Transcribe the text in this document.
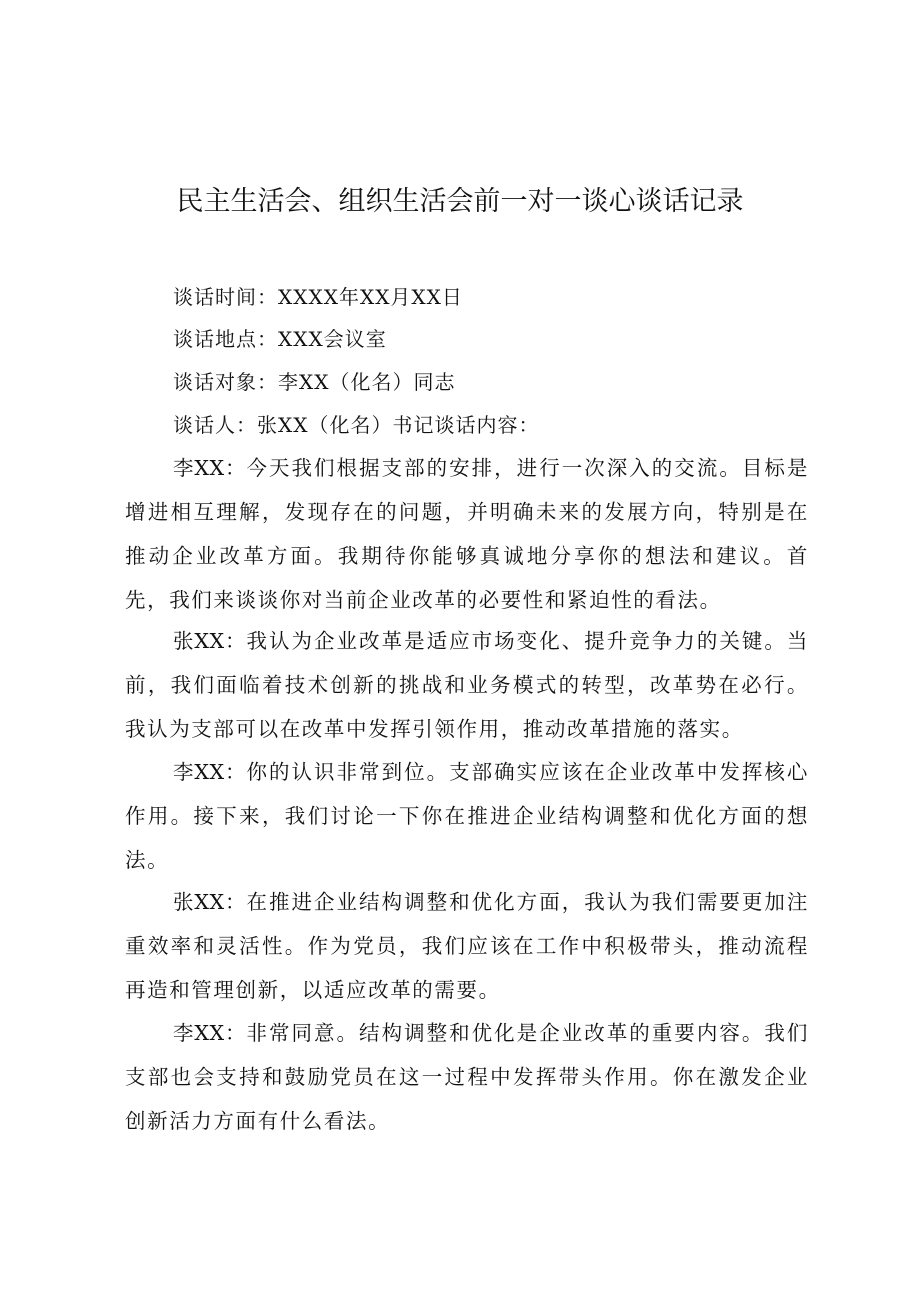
民主生活会、组织生活会前一对一谈心谈话记录
谈话时间：XXXX年XX月XX日
谈话地点：XXX会议室
谈话对象：李XX（化名）同志
谈话人：张XX（化名）书记谈话内容：
李XX：今天我们根据支部的安排，进行一次深入的交流。目标是增进相互理解，发现存在的问题，并明确未来的发展方向，特别是在推动企业改革方面。我期待你能够真诚地分享你的想法和建议。首先，我们来谈谈你对当前企业改革的必要性和紧迫性的看法。
张XX：我认为企业改革是适应市场变化、提升竞争力的关键。当前，我们面临着技术创新的挑战和业务模式的转型，改革势在必行。我认为支部可以在改革中发挥引领作用，推动改革措施的落实。
李XX：你的认识非常到位。支部确实应该在企业改革中发挥核心作用。接下来，我们讨论一下你在推进企业结构调整和优化方面的想法。
张XX：在推进企业结构调整和优化方面，我认为我们需要更加注重效率和灵活性。作为党员，我们应该在工作中积极带头，推动流程再造和管理创新，以适应改革的需要。
李XX：非常同意。结构调整和优化是企业改革的重要内容。我们支部也会支持和鼓励党员在这一过程中发挥带头作用。你在激发企业创新活力方面有什么看法。
